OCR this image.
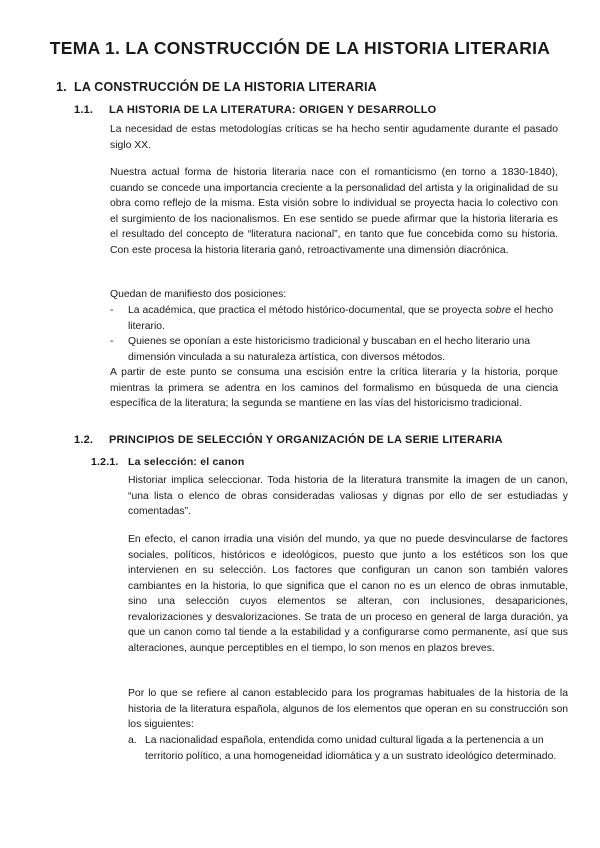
TEMA 1. LA CONSTRUCCIÓN DE LA HISTORIA LITERARIA
1. LA CONSTRUCCIÓN DE LA HISTORIA LITERARIA
1.1. LA HISTORIA DE LA LITERATURA: ORIGEN Y DESARROLLO

La necesidad de estas metodologías críticas se ha hecho sentir agudamente durante el pasado siglo XX.

Nuestra actual forma de historia literaria nace con el romanticismo (en torno a 1830-1840), cuando se concede una importancia creciente a la personalidad del artista y la originalidad de su obra como reflejo de la misma. Esta visión sobre lo individual se proyecta hacia lo colectivo con el surgimiento de los nacionalismos. En ese sentido se puede afirmar que la historia literaria es el resultado del concepto de “literatura nacional”, en tanto que fue concebida como su historia. Con este procesa la historia literaria ganó, retroactivamente una dimensión diacrónica.

Quedan de manifiesto dos posiciones:

- La académica, que practica el método histórico-documental, que se proyecta sobre el hecho literario.
- Quienes se oponían a este historicismo tradicional y buscaban en el hecho literario una dimensión vinculada a su naturaleza artística, con diversos métodos.

A partir de este punto se consuma una escisión entre la crítica literaria y la historia, porque mientras la primera se adentra en los caminos del formalismo en búsqueda de una ciencia específica de la literatura; la segunda se mantiene en las vías del historicismo tradicional.

1.2. PRINCIPIOS DE SELECCIÓN Y ORGANIZACIÓN DE LA SERIE LITERARIA
1.2.1. La selección: el canon

Historiar implica seleccionar. Toda historia de la literatura transmite la imagen de un canon, “una lista o elenco de obras consideradas valiosas y dignas por ello de ser estudiadas y comentadas”.

En efecto, el canon irradia una visión del mundo, ya que no puede desvincularse de factores sociales, políticos, históricos e ideológicos, puesto que junto a los estéticos son los que intervienen en su selección. Los factores que configuran un canon son también valores cambiantes en la historia, lo que significa que el canon no es un elenco de obras inmutable, sino una selección cuyos elementos se alteran, con inclusiones, desapariciones, revalorizaciones y desvalorizaciones. Se trata de un proceso en general de larga duración, ya que un canon como tal tiende a la estabilidad y a configurarse como permanente, así que sus alteraciones, aunque perceptibles en el tiempo, lo son menos en plazos breves.

Por lo que se refiere al canon establecido para los programas habituales de la historia de la historia de la literatura española, algunos de los elementos que operan en su construcción son los siguientes:

a. La nacionalidad española, entendida como unidad cultural ligada a la pertenencia a un territorio político, a una homogeneidad idiomática y a un sustrato ideológico determinado.
